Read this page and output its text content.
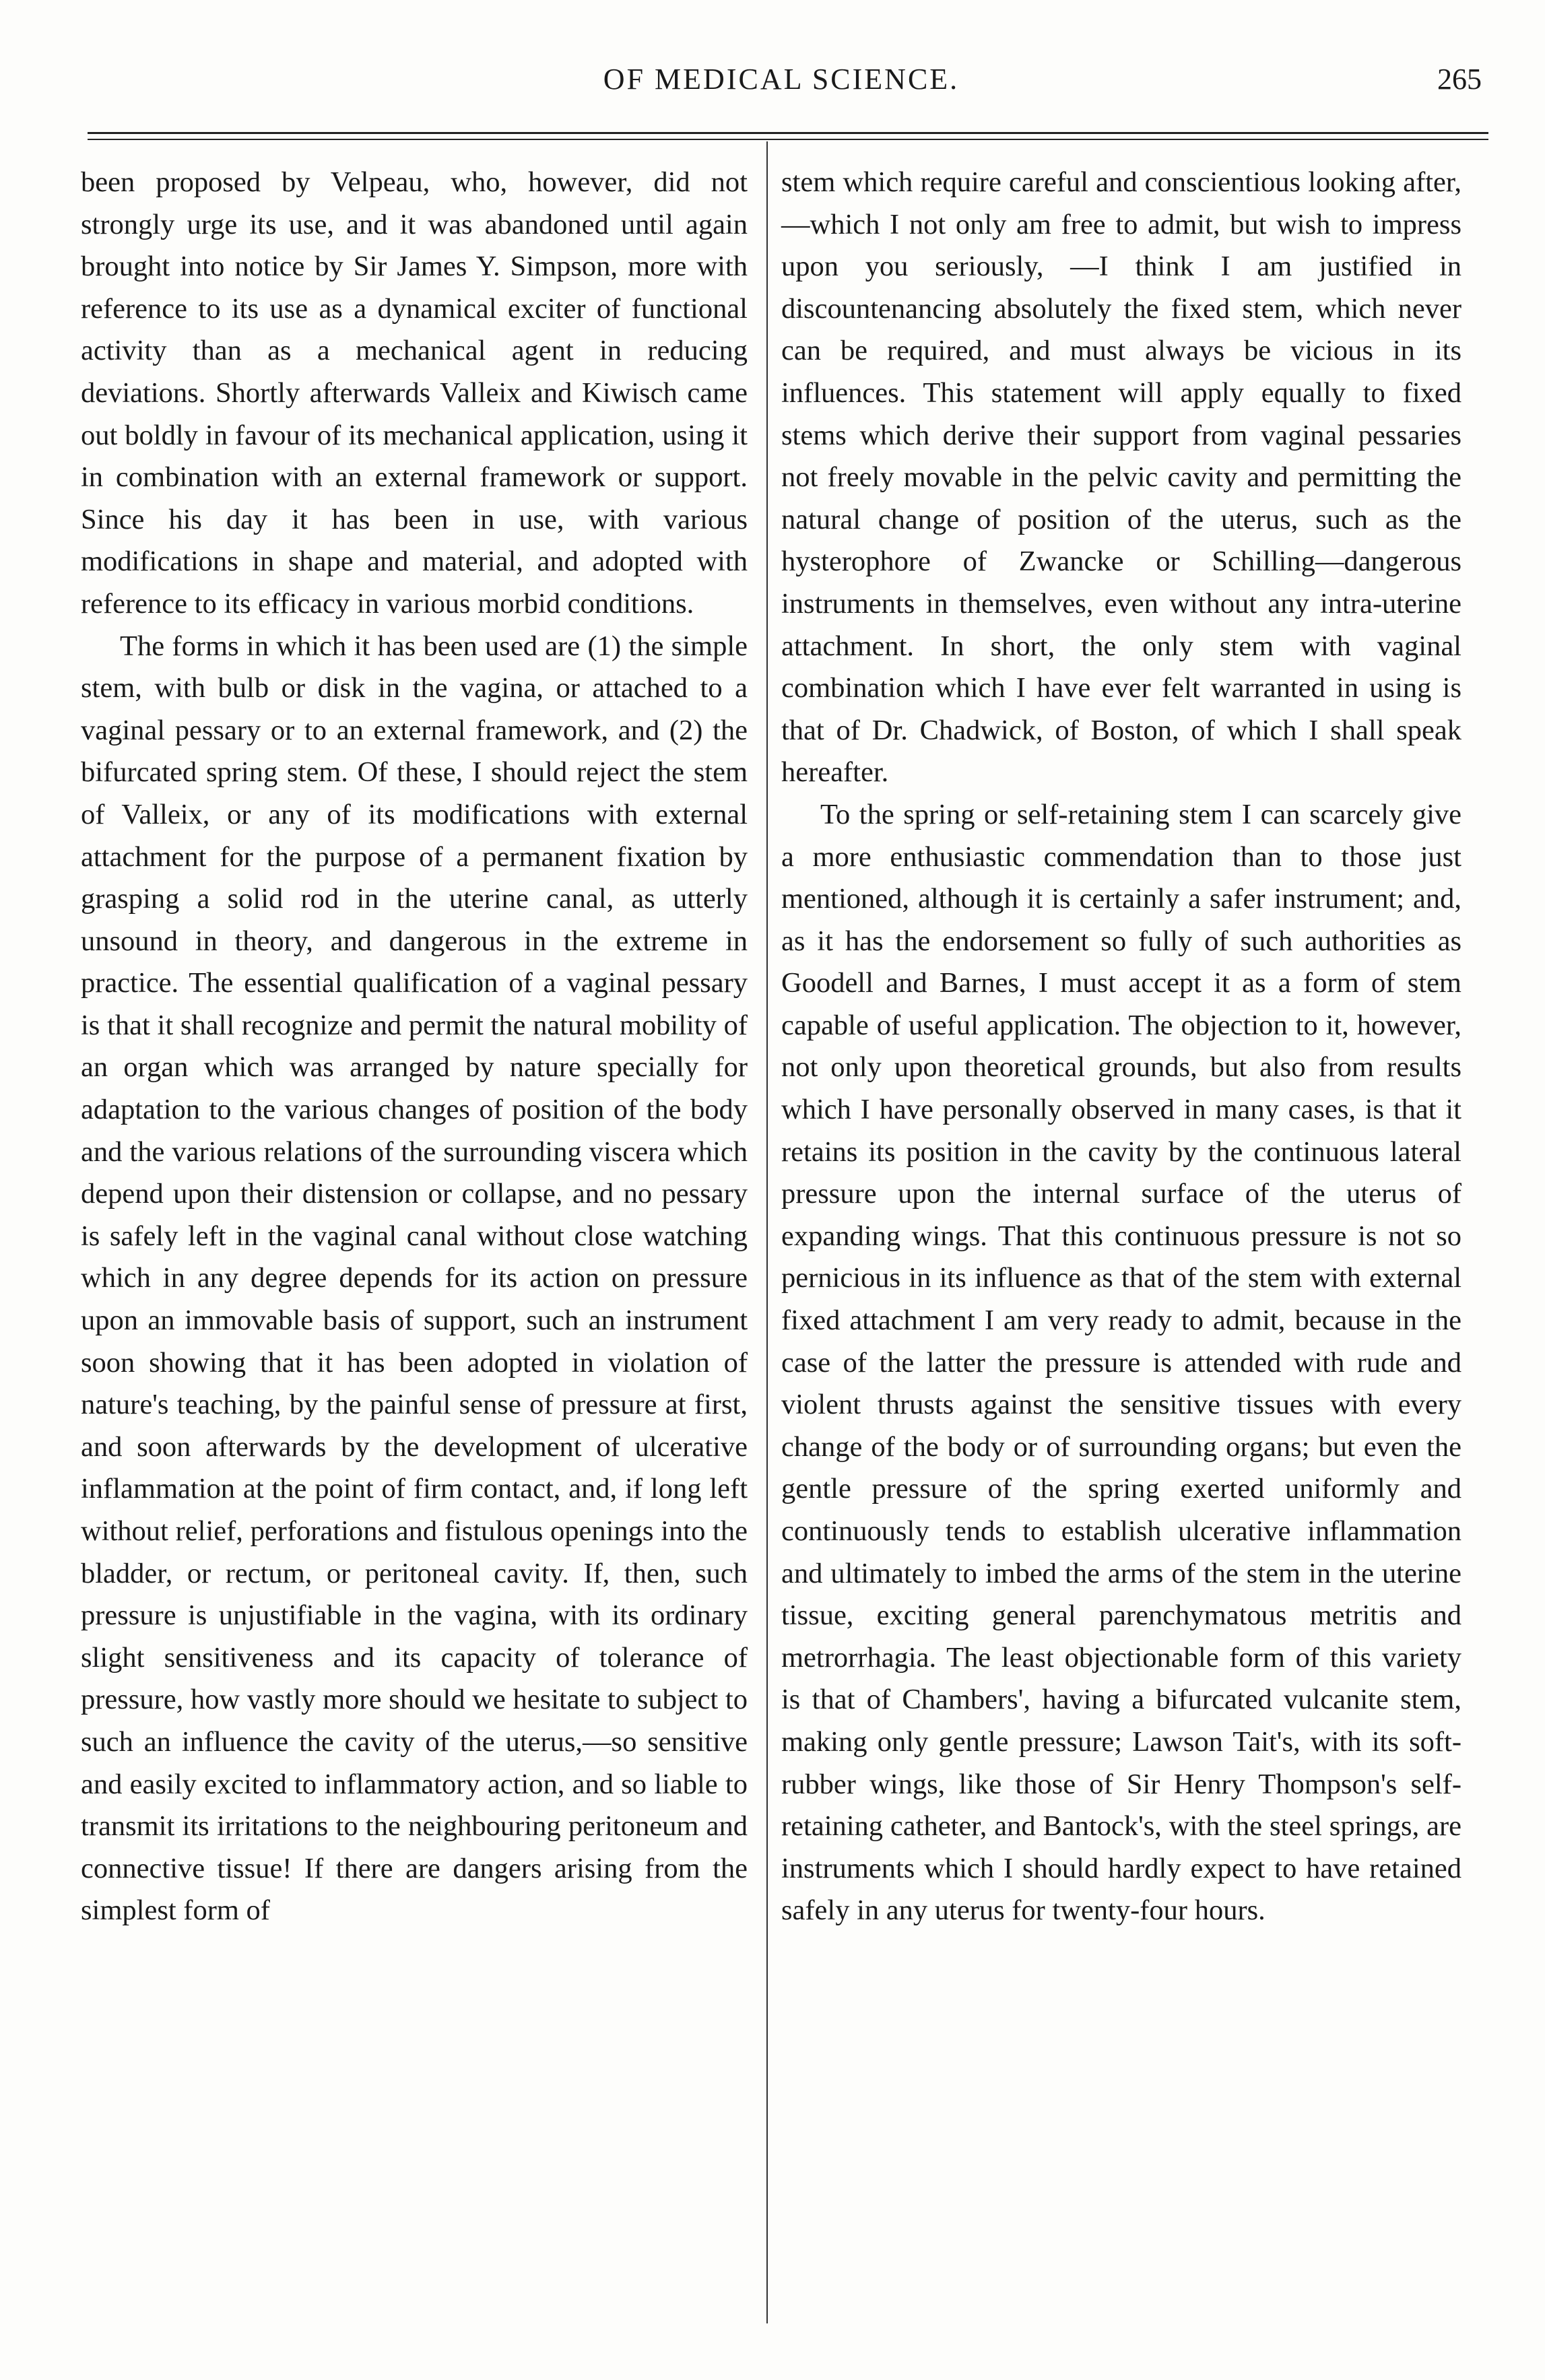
OF MEDICAL SCIENCE.	265

been proposed by Velpeau, who, however, did not strongly urge its use, and it was abandoned until again brought into notice by Sir James Y. Simpson, more with reference to its use as a dynamical exciter of functional activity than as a mechanical agent in reducing deviations. Shortly afterwards Valleix and Kiwisch came out boldly in favour of its mechanical application, using it in combination with an external framework or support. Since his day it has been in use, with various modifications in shape and material, and adopted with reference to its efficacy in various morbid conditions.

The forms in which it has been used are (1) the simple stem, with bulb or disk in the vagina, or attached to a vaginal pessary or to an external framework, and (2) the bifurcated spring stem. Of these, I should reject the stem of Valleix, or any of its modifications with external attachment for the purpose of a permanent fixation by grasping a solid rod in the uterine canal, as utterly unsound in theory, and dangerous in the extreme in practice. The essential qualification of a vaginal pessary is that it shall recognize and permit the natural mobility of an organ which was arranged by nature specially for adaptation to the various changes of position of the body and the various relations of the surrounding viscera which depend upon their distension or collapse, and no pessary is safely left in the vaginal canal without close watching which in any degree depends for its action on pressure upon an immovable basis of support, such an instrument soon showing that it has been adopted in violation of nature's teaching, by the painful sense of pressure at first, and soon afterwards by the development of ulcerative inflammation at the point of firm contact, and, if long left without relief, perforations and fistulous openings into the bladder, or rectum, or peritoneal cavity. If, then, such pressure is unjustifiable in the vagina, with its ordinary slight sensitiveness and its capacity of tolerance of pressure, how vastly more should we hesitate to subject to such an influence the cavity of the uterus,—so sensitive and easily excited to inflammatory action, and so liable to transmit its irritations to the neighbouring peritoneum and connective tissue! If there are dangers arising from the simplest form of

stem which require careful and conscientious looking after,—which I not only am free to admit, but wish to impress upon you seriously, —I think I am justified in discountenancing absolutely the fixed stem, which never can be required, and must always be vicious in its influences. This statement will apply equally to fixed stems which derive their support from vaginal pessaries not freely movable in the pelvic cavity and permitting the natural change of position of the uterus, such as the hysterophore of Zwancke or Schilling—dangerous instruments in themselves, even without any intra-uterine attachment. In short, the only stem with vaginal combination which I have ever felt warranted in using is that of Dr. Chadwick, of Boston, of which I shall speak hereafter.

To the spring or self-retaining stem I can scarcely give a more enthusiastic commendation than to those just mentioned, although it is certainly a safer instrument; and, as it has the endorsement so fully of such authorities as Goodell and Barnes, I must accept it as a form of stem capable of useful application. The objection to it, however, not only upon theoretical grounds, but also from results which I have personally observed in many cases, is that it retains its position in the cavity by the continuous lateral pressure upon the internal surface of the uterus of expanding wings. That this continuous pressure is not so pernicious in its influence as that of the stem with external fixed attachment I am very ready to admit, because in the case of the latter the pressure is attended with rude and violent thrusts against the sensitive tissues with every change of the body or of surrounding organs; but even the gentle pressure of the spring exerted uniformly and continuously tends to establish ulcerative inflammation and ultimately to imbed the arms of the stem in the uterine tissue, exciting general parenchymatous metritis and metrorrhagia. The least objectionable form of this variety is that of Chambers', having a bifurcated vulcanite stem, making only gentle pressure; Lawson Tait's, with its soft-rubber wings, like those of Sir Henry Thompson's self-retaining catheter, and Bantock's, with the steel springs, are instruments which I should hardly expect to have retained safely in any uterus for twenty-four hours.
